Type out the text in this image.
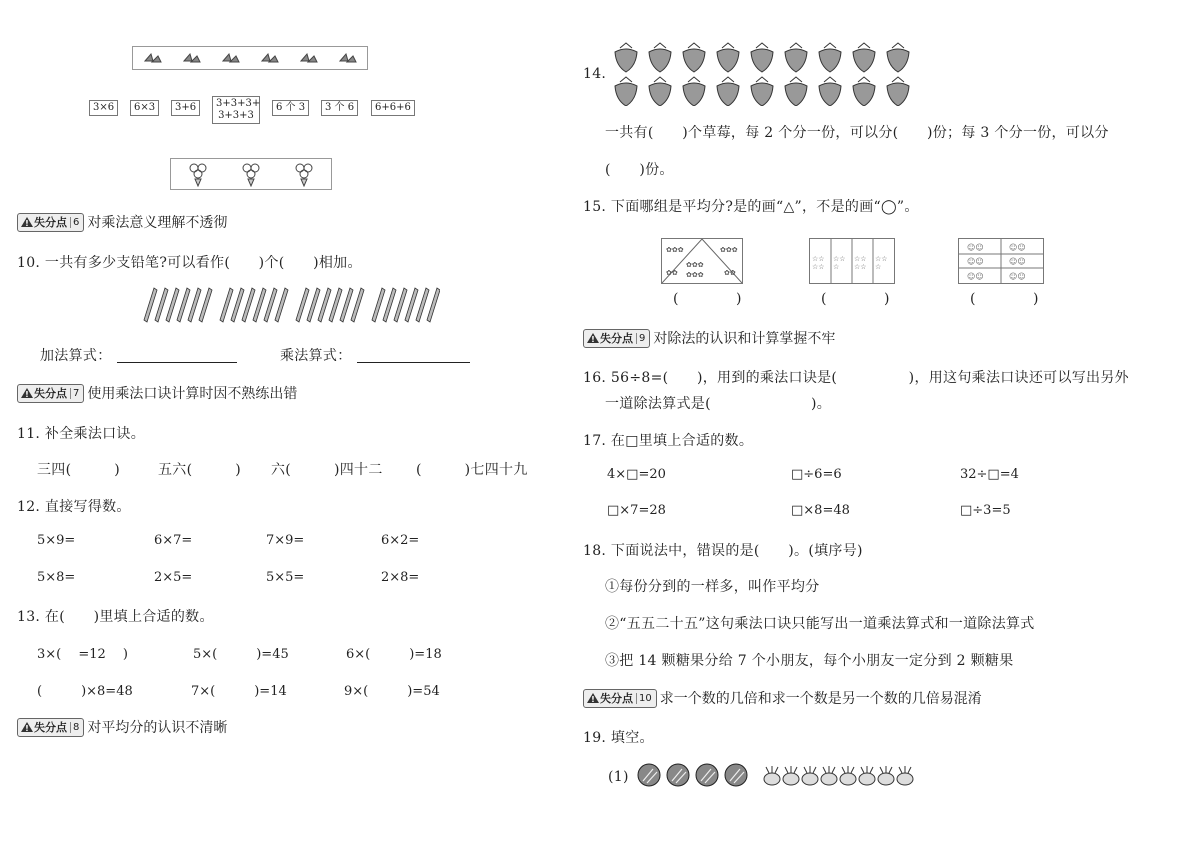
3×6	6×3	3+6	3+3+3+
3+3+3
6 个 3	3 个 6	6+6+6
! 失分点 6 对乘法意义理解不透彻
10. 一共有多少支铅笔?可以看作(　　)个(　　)相加。
加法算式：	乘法算式：
! 失分点 7 使用乘法口诀计算时因不熟练出错
11. 补全乘法口诀。
三四(　　　)	五六(　　　) 六(　　　)四十二 (　　　)七四十九
12. 直接写得数。
5×9=	6×7=	7×9=	6×2=
5×8=	2×5=	5×5=	2×8=
13. 在(　　)里填上合适的数。
3×(　 =12　 )	5×(　　　)=45	6×(　　　)=18
(　　　)×8=48	7×(　　　)=14	9×(　　　)=54
! 失分点 8 对平均分的认识不清晰
14.
一共有(　　)个草莓，每 2 个分一份，可以分(　　)份；每 3 个分一份，可以分
(　　)份。
15. 下面哪组是平均分?是的画“△”，不是的画“◯”。
✿✿✿	✿✿✿
✿✿
✿✿✿
✿✿✿	✿✿
☆☆
☆☆
☆☆
☆
☆☆
☆☆
☆☆
☆
☺☺	☺☺
☺☺	☺☺
☺☺	☺☺
(　　　　)	(　　　　)	(　　　　)
! 失分点 9 对除法的认识和计算掌握不牢
16. 56÷8=(　　)，用到的乘法口诀是(　　　　　)，用这句乘法口诀还可以写出另外
一道除法算式是(　　　　　　　)。
17. 在□里填上合适的数。
4×□=20	□÷6=6	32÷□=4
□×7=28	□×8=48	□÷3=5
18. 下面说法中，错误的是(　　)。(填序号)
①每份分到的一样多，叫作平均分
②“五五二十五”这句乘法口诀只能写出一道乘法算式和一道除法算式
③把 14 颗糖果分给 7 个小朋友，每个小朋友一定分到 2 颗糖果
! 失分点 10 求一个数的几倍和求一个数是另一个数的几倍易混淆
19. 填空。
(1)
